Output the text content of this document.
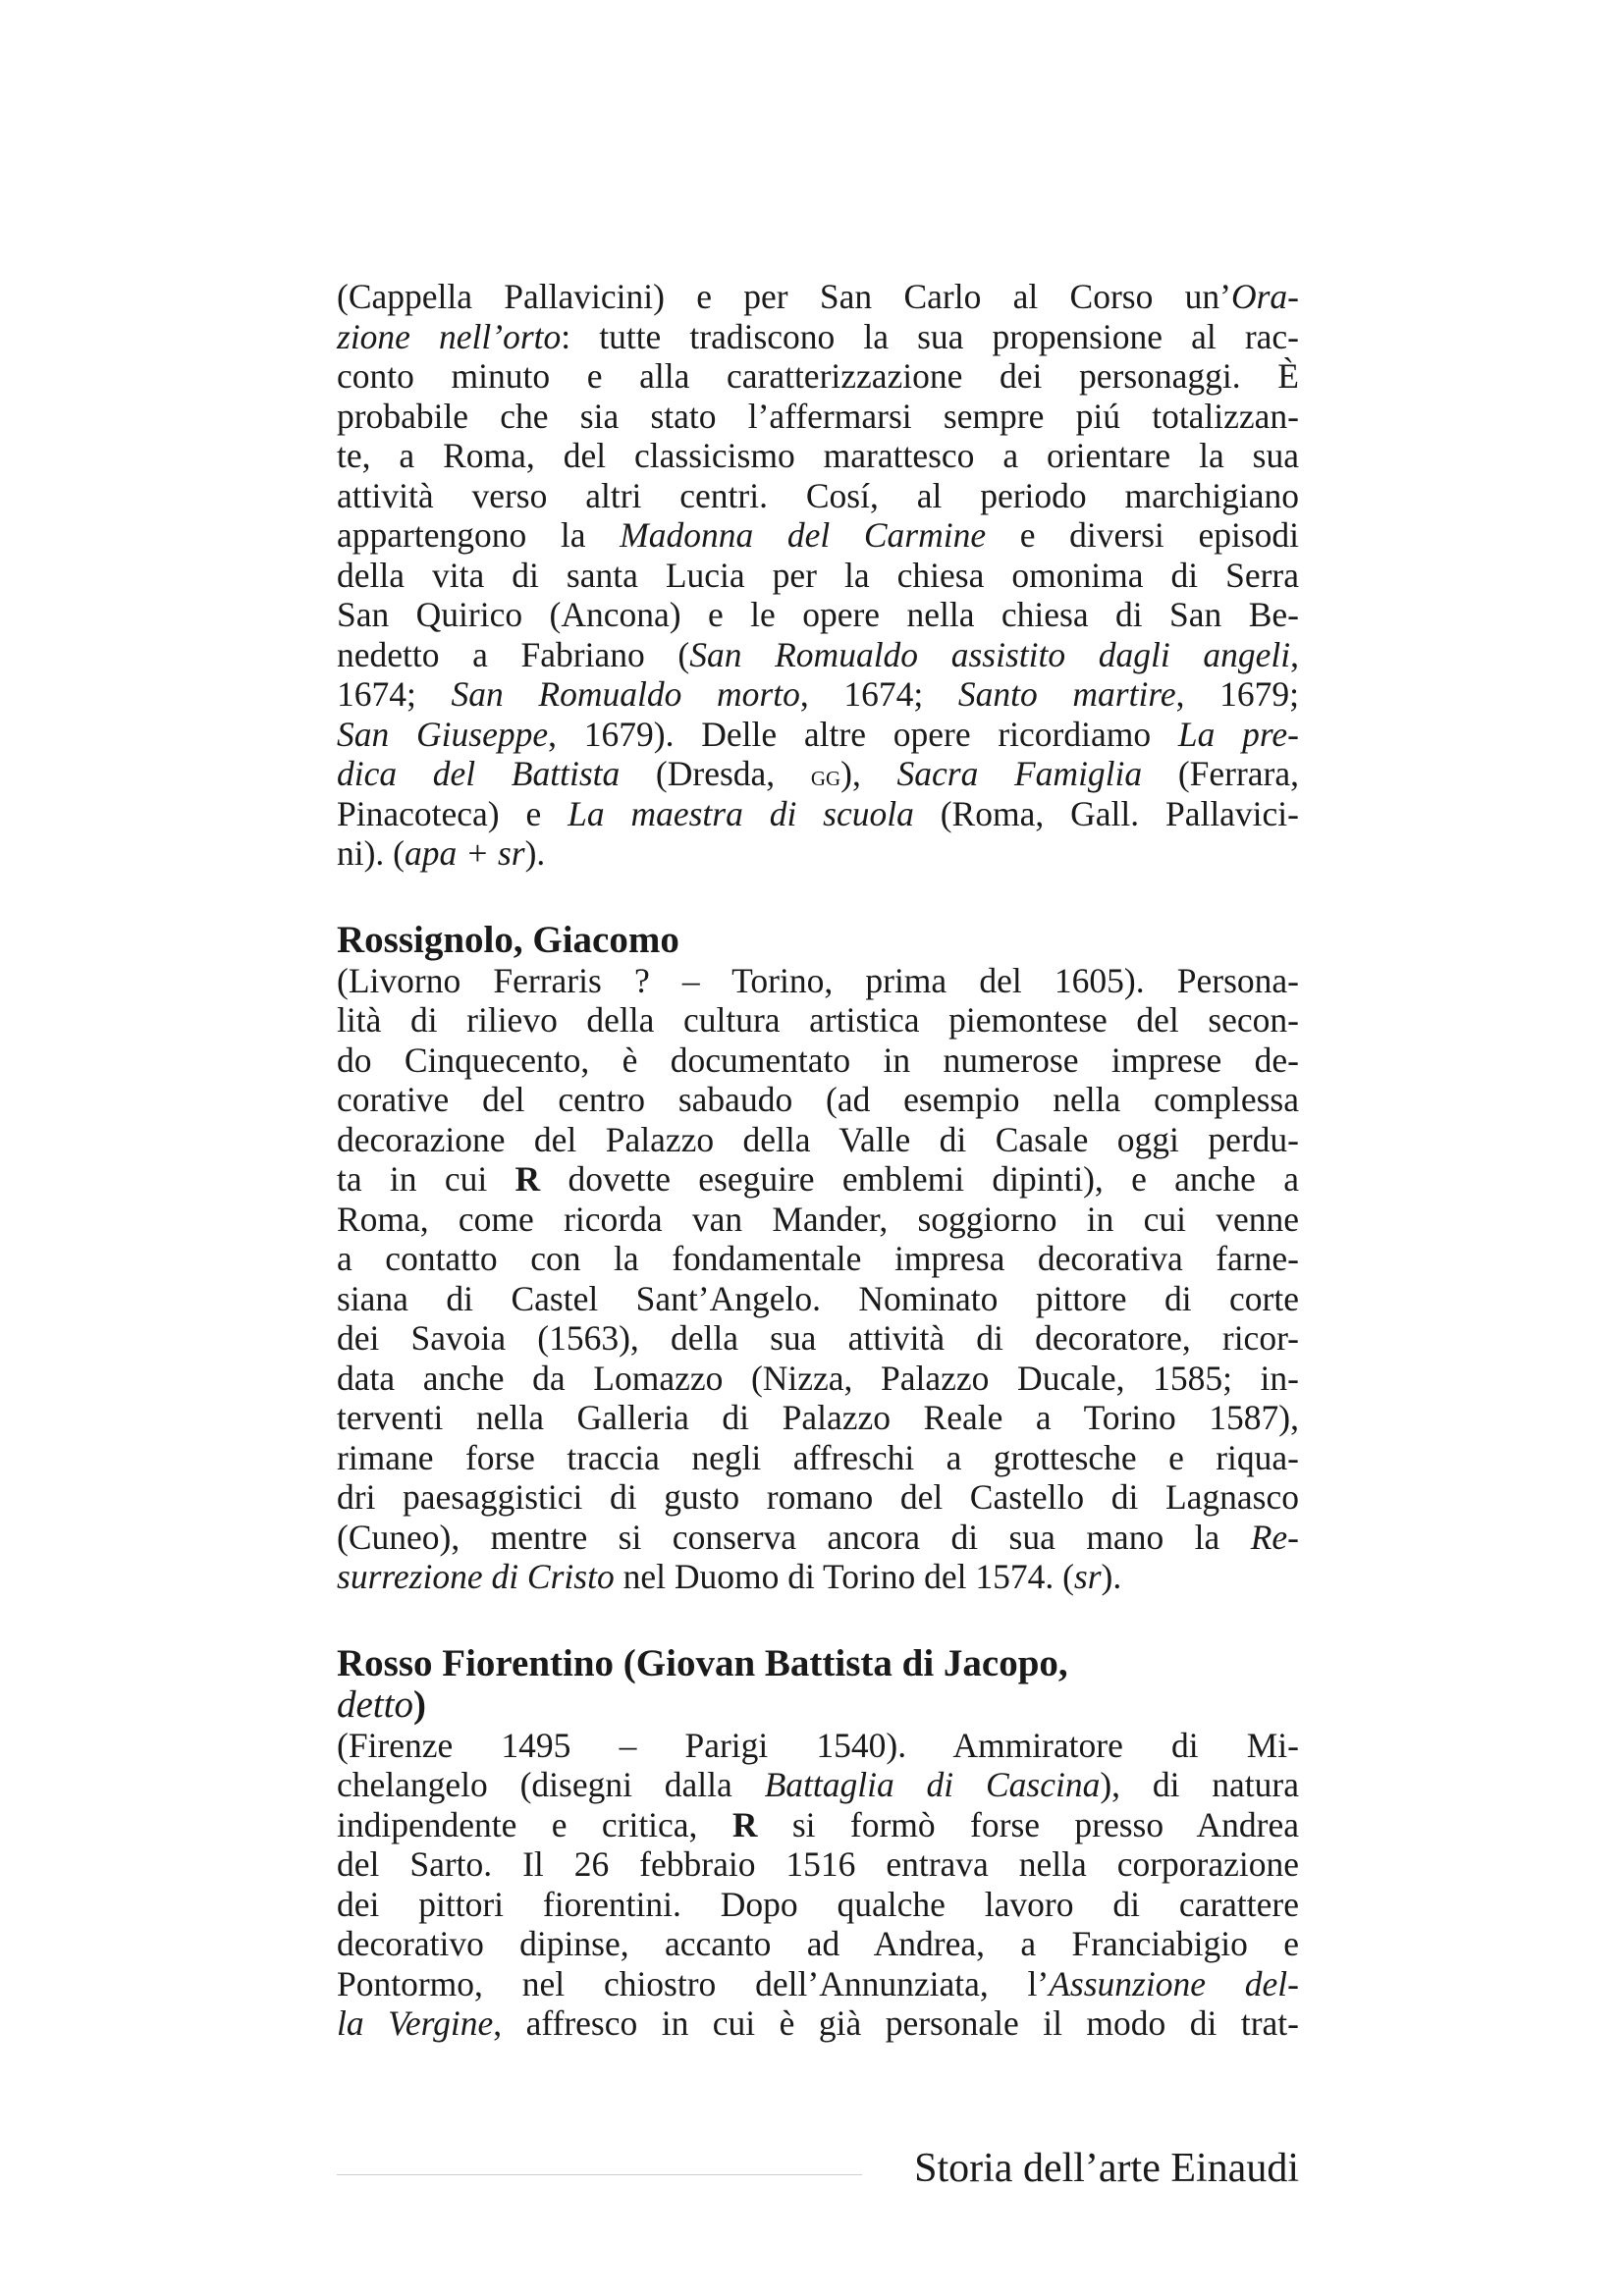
(Cappella Pallavicini) e per San Carlo al Corso un’Ora-
zione nell’orto: tutte tradiscono la sua propensione al rac-
conto minuto e alla caratterizzazione dei personaggi. È
probabile che sia stato l’affermarsi sempre piú totalizzan-
te, a Roma, del classicismo marattesco a orientare la sua
attività verso altri centri. Cosí, al periodo marchigiano
appartengono la Madonna del Carmine e diversi episodi
della vita di santa Lucia per la chiesa omonima di Serra
San Quirico (Ancona) e le opere nella chiesa di San Be-
nedetto a Fabriano (San Romualdo assistito dagli angeli,
1674; San Romualdo morto, 1674; Santo martire, 1679;
San Giuseppe, 1679). Delle altre opere ricordiamo La pre-
dica del Battista (Dresda, gg), Sacra Famiglia (Ferrara,
Pinacoteca) e La maestra di scuola (Roma, Gall. Pallavici-
ni). (apa + sr).
Rossignolo, Giacomo
(Livorno Ferraris ? – Torino, prima del 1605). Persona-
lità di rilievo della cultura artistica piemontese del secon-
do Cinquecento, è documentato in numerose imprese de-
corative del centro sabaudo (ad esempio nella complessa
decorazione del Palazzo della Valle di Casale oggi perdu-
ta in cui R dovette eseguire emblemi dipinti), e anche a
Roma, come ricorda van Mander, soggiorno in cui venne
a contatto con la fondamentale impresa decorativa farne-
siana di Castel Sant’Angelo. Nominato pittore di corte
dei Savoia (1563), della sua attività di decoratore, ricor-
data anche da Lomazzo (Nizza, Palazzo Ducale, 1585; in-
terventi nella Galleria di Palazzo Reale a Torino 1587),
rimane forse traccia negli affreschi a grottesche e riqua-
dri paesaggistici di gusto romano del Castello di Lagnasco
(Cuneo), mentre si conserva ancora di sua mano la Re-
surrezione di Cristo nel Duomo di Torino del 1574. (sr).
Rosso Fiorentino (Giovan Battista di Jacopo,
detto)
(Firenze 1495 – Parigi 1540). Ammiratore di Mi-
chelangelo (disegni dalla Battaglia di Cascina), di natura
indipendente e critica, R si formò forse presso Andrea
del Sarto. Il 26 febbraio 1516 entrava nella corporazione
dei pittori fiorentini. Dopo qualche lavoro di carattere
decorativo dipinse, accanto ad Andrea, a Franciabigio e
Pontormo, nel chiostro dell’Annunziata, l’Assunzione del-
la Vergine, affresco in cui è già personale il modo di trat-
Storia dell’arte Einaudi
